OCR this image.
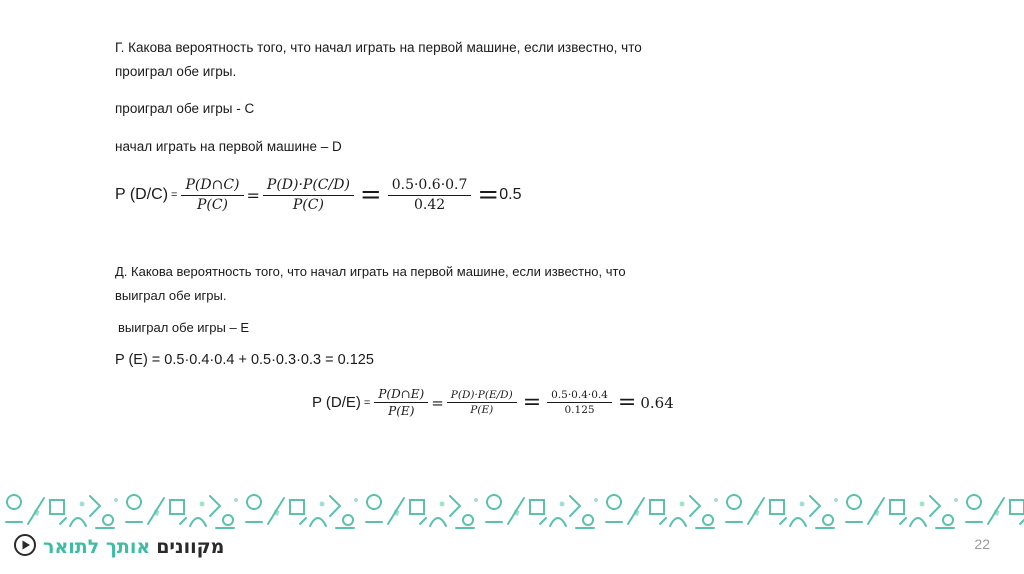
Г. Какова вероятность того, что начал играть на первой машине, если известно, что
проиграл обе игры.
проиграл обе игры - C
начал играть на первой машине – D
P $(D/C) = \frac{P(D\cap C)}{P(C)} = \frac{P(D)\cdot P(C/D)}{P(C)} = \frac{0.5\cdot 0.6\cdot 0.7}{0.42} = 0.5$
Д. Какова вероятность того, что начал играть на первой машине, если известно, что
выиграл обе игры.
выиграл обе игры – E
P (E) = 0.5·0.4·0.4 + 0.5·0.3·0.3 = 0.125
P $(D/E) = \frac{P(D\cap E)}{P(E)} = \frac{P(D)\cdot P(E/D)}{P(E)} = \frac{0.5\cdot 0.4\cdot 0.4}{0.125} = 0.64$
מקוונים
אותך לתואר	22
